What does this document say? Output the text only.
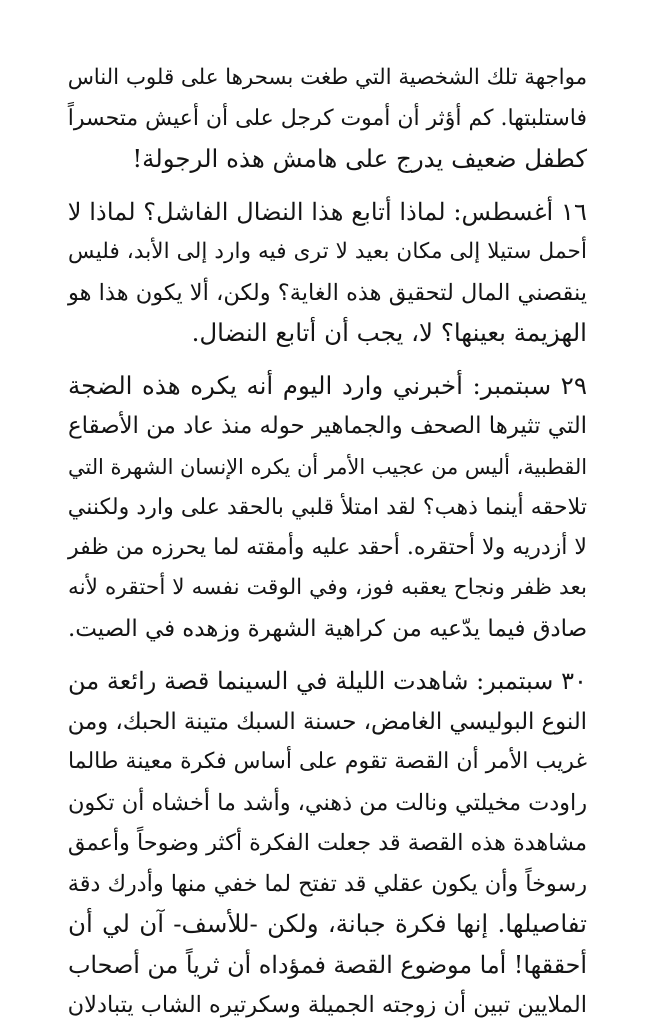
مواجهة تلك الشخصية التي طغت بسحرها على قلوب الناس
فاستلبتها. كم أؤثر أن أموت كرجل على أن أعيش متحسراً
كطفل ضعيف يدرج على هامش هذه الرجولة!

١٦ أغسطس: لماذا أتابع هذا النضال الفاشل؟ لماذا لا
أحمل ستيلا إلى مكان بعيد لا ترى فيه وارد إلى الأبد، فليس
ينقصني المال لتحقيق هذه الغاية؟ ولكن، ألا يكون هذا هو
الهزيمة بعينها؟ لا، يجب أن أتابع النضال.

٢٩ سبتمبر: أخبرني وارد اليوم أنه يكره هذه الضجة
التي تثيرها الصحف والجماهير حوله منذ عاد من الأصقاع
القطبية، أليس من عجيب الأمر أن يكره الإنسان الشهرة التي
تلاحقه أينما ذهب؟ لقد امتلأ قلبي بالحقد على وارد ولكنني
لا أزدريه ولا أحتقره. أحقد عليه وأمقته لما يحرزه من ظفر
بعد ظفر ونجاح يعقبه فوز، وفي الوقت نفسه لا أحتقره لأنه
صادق فيما يدّعيه من كراهية الشهرة وزهده في الصيت.

٣٠ سبتمبر: شاهدت الليلة في السينما قصة رائعة من
النوع البوليسي الغامض، حسنة السبك متينة الحبك، ومن
غريب الأمر أن القصة تقوم على أساس فكرة معينة طالما
راودت مخيلتي ونالت من ذهني، وأشد ما أخشاه أن تكون
مشاهدة هذه القصة قد جعلت الفكرة أكثر وضوحاً وأعمق
رسوخاً وأن يكون عقلي قد تفتح لما خفي منها وأدرك دقة
تفاصيلها. إنها فكرة جبانة، ولكن -للأسف- آن لي أن
أحققها! أما موضوع القصة فمؤداه أن ثرياً من أصحاب
الملايين تبين أن زوجته الجميلة وسكرتيره الشاب يتبادلان
